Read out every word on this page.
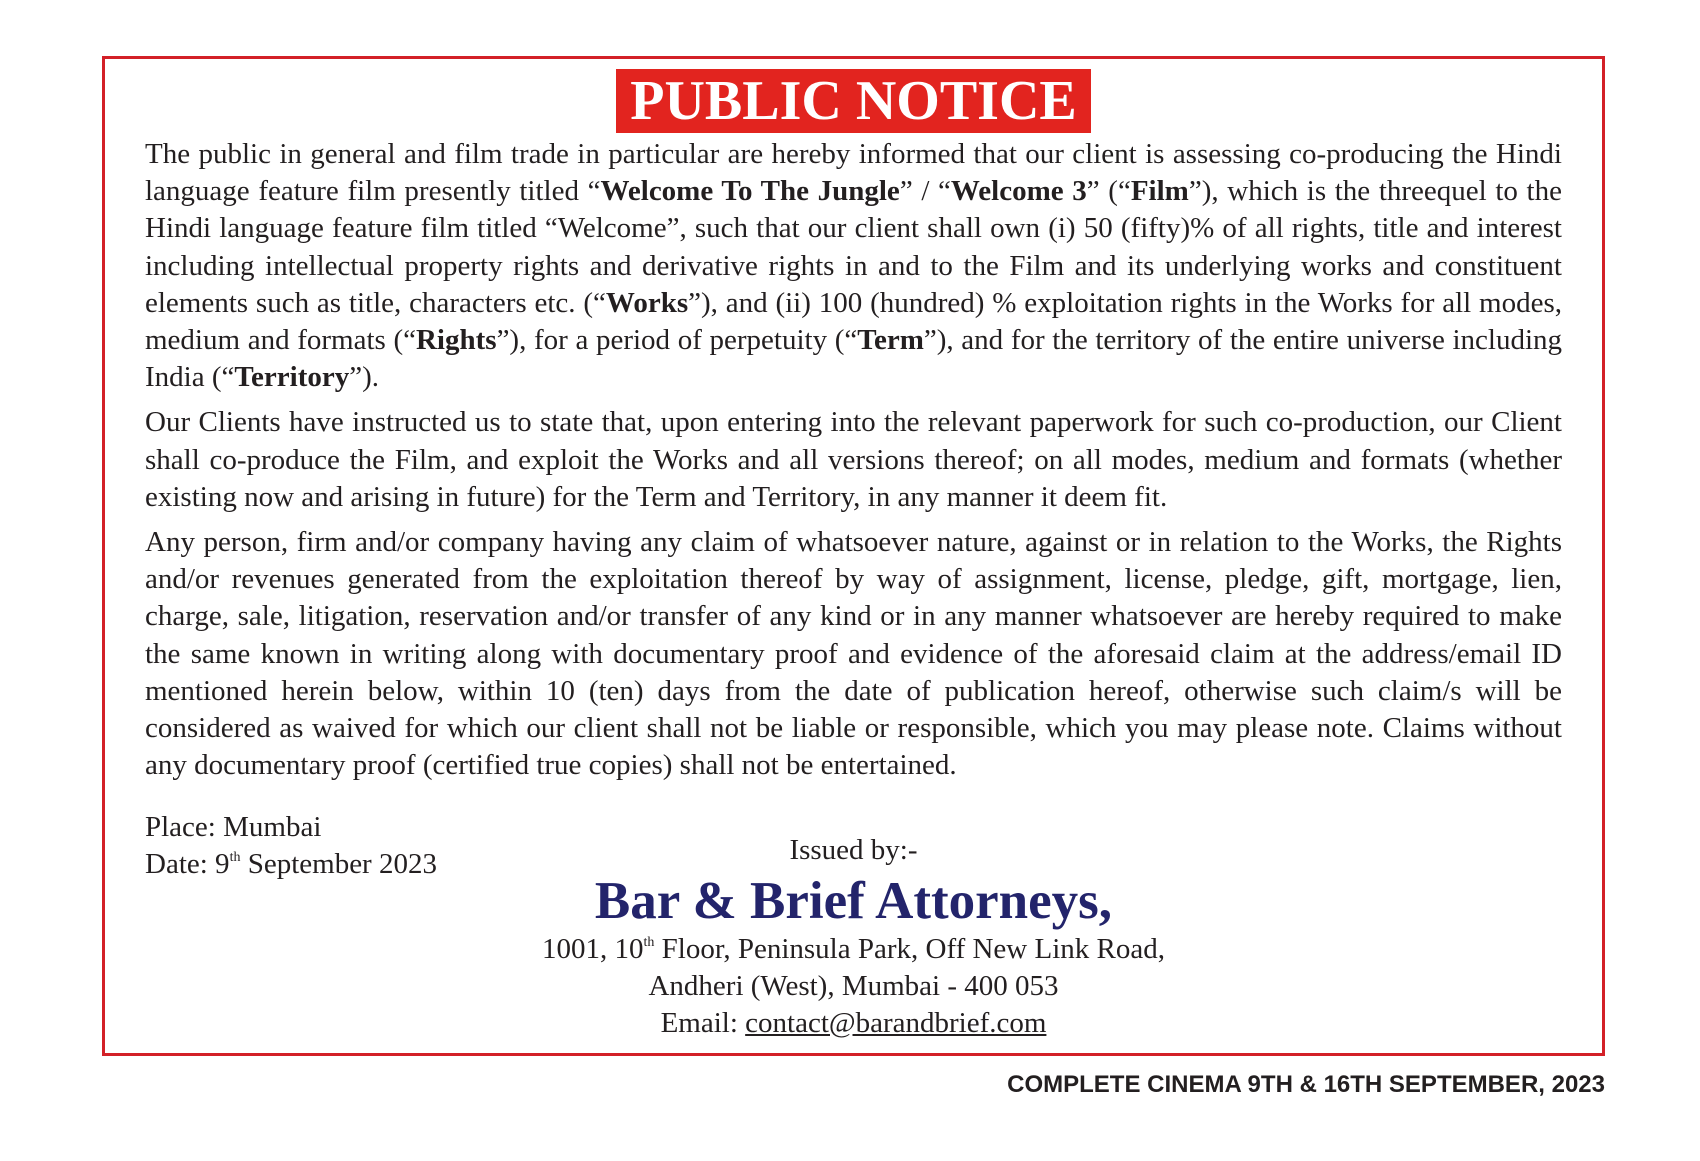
PUBLIC NOTICE

The public in general and film trade in particular are hereby informed that our client is assessing co-producing the Hindi language feature film presently titled “Welcome To The Jungle” / “Welcome 3” (“Film”), which is the threequel to the Hindi language feature film titled “Welcome”, such that our client shall own (i) 50 (fifty)% of all rights, title and interest including intellectual property rights and derivative rights in and to the Film and its underlying works and constituent elements such as title, characters etc. (“Works”), and (ii) 100 (hundred) % exploitation rights in the Works for all modes, medium and formats (“Rights”), for a period of perpetuity (“Term”), and for the territory of the entire universe including India (“Territory”).

Our Clients have instructed us to state that, upon entering into the relevant paperwork for such co-production, our Client shall co-produce the Film, and exploit the Works and all versions thereof; on all modes, medium and formats (whether existing now and arising in future) for the Term and Territory, in any manner it deem fit.

Any person, firm and/or company having any claim of whatsoever nature, against or in relation to the Works, the Rights and/or revenues generated from the exploitation thereof by way of assignment, license, pledge, gift, mortgage, lien, charge, sale, litigation, reservation and/or transfer of any kind or in any manner whatsoever are hereby required to make the same known in writing along with documentary proof and evidence of the aforesaid claim at the address/email ID mentioned herein below, within 10 (ten) days from the date of publication hereof, otherwise such claim/s will be considered as waived for which our client shall not be liable or responsible, which you may please note. Claims without any documentary proof (certified true copies) shall not be entertained.

Place: Mumbai
Date: 9th September 2023	Issued by:-
Bar & Brief Attorneys,
1001, 10th Floor, Peninsula Park, Off New Link Road,
Andheri (West), Mumbai - 400 053
Email: contact@barandbrief.com
COMPLETE CINEMA 9TH & 16TH SEPTEMBER, 2023
